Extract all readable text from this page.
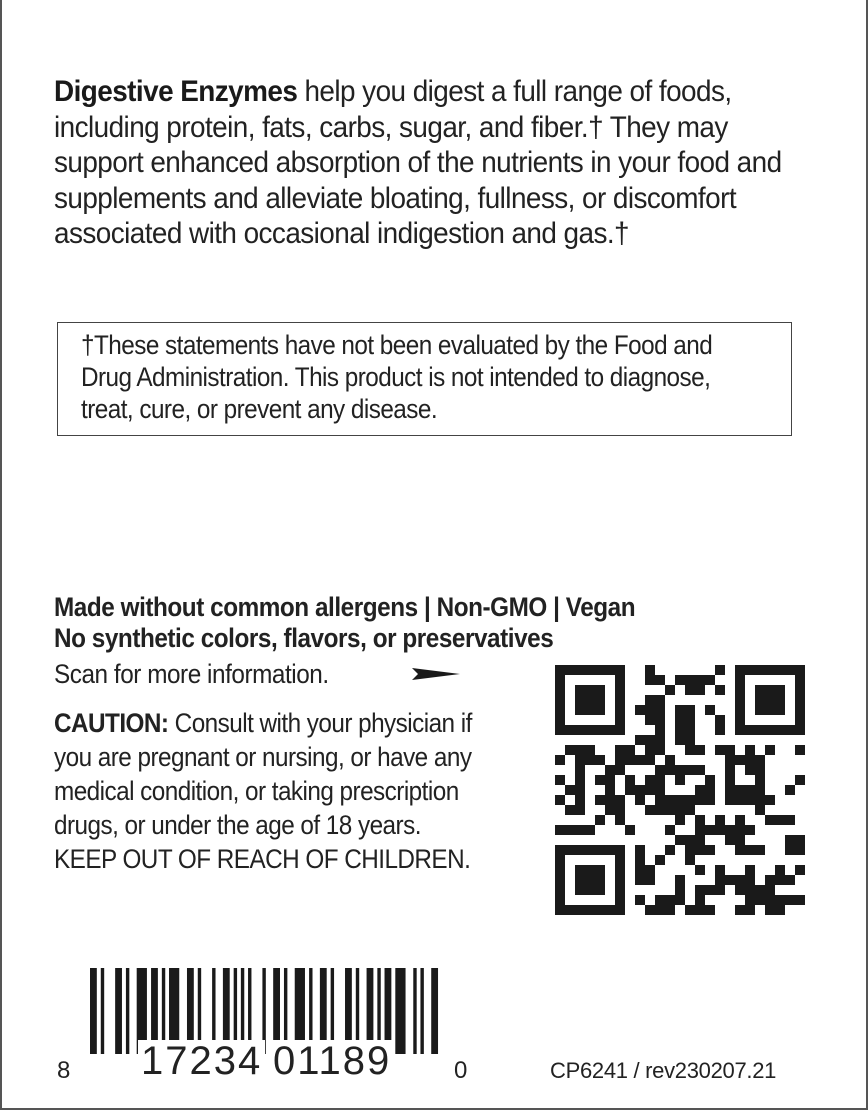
Digestive Enzymes help you digest a full range of foods, including protein, fats, carbs, sugar, and fiber.† They may support enhanced absorption of the nutrients in your food and supplements and alleviate bloating, fullness, or discomfort associated with occasional indigestion and gas.†
†These statements have not been evaluated by the Food and Drug Administration. This product is not intended to diagnose, treat, cure, or prevent any disease.
Made without common allergens | Non-GMO | Vegan
No synthetic colors, flavors, or preservatives
Scan for more information.
CAUTION: Consult with your physician if you are pregnant or nursing, or have any medical condition, or taking prescription drugs, or under the age of 18 years.
KEEP OUT OF REACH OF CHILDREN.
8 17234 01189	0	CP6241 / rev230207.21
